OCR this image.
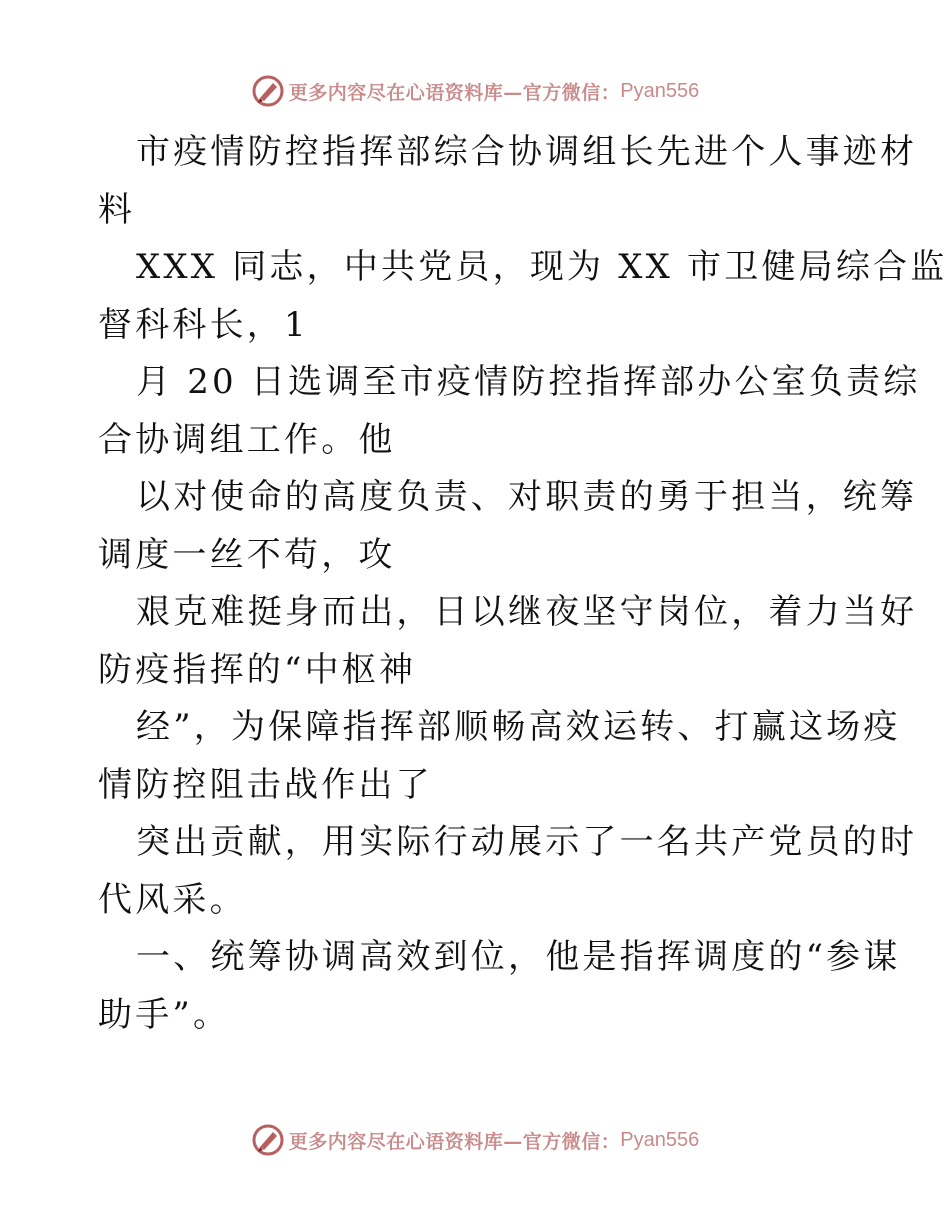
更多内容尽在心语资料库—官方微信： Pyan556
市疫情防控指挥部综合协调组长先进个人事迹材
料
XXX 同志，中共党员，现为 XX 市卫健局综合监
督科科长，1
月 20 日选调至市疫情防控指挥部办公室负责综
合协调组工作。他
以对使命的高度负责、对职责的勇于担当，统筹
调度一丝不苟，攻
艰克难挺身而出，日以继夜坚守岗位，着力当好
防疫指挥的“中枢神
经”，为保障指挥部顺畅高效运转、打赢这场疫
情防控阻击战作出了
突出贡献，用实际行动展示了一名共产党员的时
代风采。
一、统筹协调高效到位，他是指挥调度的“参谋
助手”。
更多内容尽在心语资料库—官方微信： Pyan556
